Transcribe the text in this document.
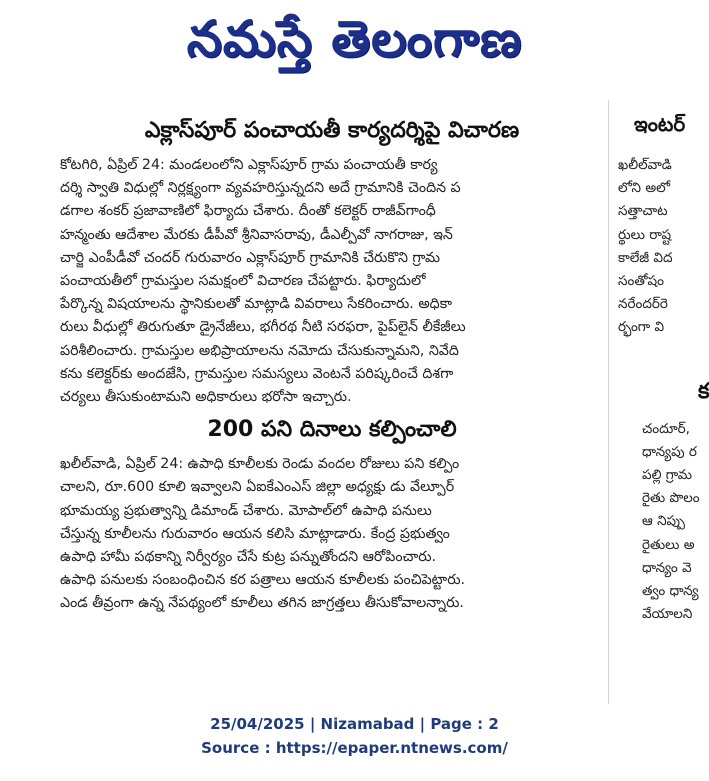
నమస్తే తెలంగాణ
ఎక్లాస్‌పూర్ పంచాయతీ కార్యదర్శిపై విచారణ
కోటగిరి, ఏప్రిల్ 24: మండలంలోని ఎక్లాస్‌పూర్ గ్రామ పంచాయతీ కార్య
దర్శి స్వాతి విధుల్లో నిర్లక్ష్యంగా వ్యవహరిస్తున్నదని అదే గ్రామానికి చెందిన ప
డగాల శంకర్ ప్రజావాణిలో ఫిర్యాదు చేశారు. దీంతో కలెక్టర్ రాజీవ్‌గాంధీ
హన్మంతు ఆదేశాల మేరకు డీపీవో శ్రీనివాసరావు, డీఎల్పీవో నాగరాజు, ఇన్
చార్జి ఎంపీడీవో చందర్ గురువారం ఎక్లాస్‌పూర్ గ్రామానికి చేరుకొని గ్రామ
పంచాయతీలో గ్రామస్తుల సమక్షంలో విచారణ చేపట్టారు. ఫిర్యాదులో
పేర్కొన్న విషయాలను స్థానికులతో మాట్లాడి వివరాలు సేకరించారు. అధికా
రులు వీధుల్లో తిరుగుతూ డ్రైనేజీలు, భగీరథ నీటి సరఫరా, పైప్‌లైన్ లీకేజీలు
పరిశీలించారు. గ్రామస్తుల అభిప్రాయాలను నమోదు చేసుకున్నామని, నివేది
కను కలెక్టర్‌కు అందజేసి, గ్రామస్తుల సమస్యలు వెంటనే పరిష్కరించే దిశగా
చర్యలు తీసుకుంటామని అధికారులు భరోసా ఇచ్చారు.
200 పని దినాలు కల్పించాలి
ఖలీల్‌వాడి, ఏప్రిల్ 24: ఉపాధి కూలీలకు రెండు వందల రోజులు పని కల్పిం
చాలని, రూ.600 కూలి ఇవ్వాలని ఏఐకేఎంఎస్ జిల్లా అధ్యక్షు డు వేల్పూర్
భూమయ్య ప్రభుత్వాన్ని డిమాండ్ చేశారు. మోపాల్‌లో ఉపాధి పనులు
చేస్తున్న కూలీలను గురువారం ఆయన కలిసి మాట్లాడారు. కేంద్ర ప్రభుత్వం
ఉపాధి హామీ పథకాన్ని నిర్వీర్యం చేసే కుట్ర పన్నుతోందని ఆరోపించారు.
ఉపాధి పనులకు సంబంధించిన కర పత్రాలు ఆయన కూలీలకు పంచిపెట్టారు.
ఎండ తీవ్రంగా ఉన్న నేపథ్యంలో కూలీలు తగిన జాగ్రత్తలు తీసుకోవాలన్నారు.
ఇంటర్
ఖలీల్‌వాడి
లోని అలో
సత్తాచాట
ర్థులు రాష్ట
కాలేజీ విద
సంతోషం
నరేందర్‌రె
ర్భంగా వి
క
చందూర్,
ధాన్యపు ర
పల్లి గ్రామ
రైతు పొలం
ఆ నిప్పు
రైతులు అ
ధాన్యం వె
త్వం ధాన్య
వేయాలని
25/04/2025 | Nizamabad | Page : 2
Source : https://epaper.ntnews.com/
